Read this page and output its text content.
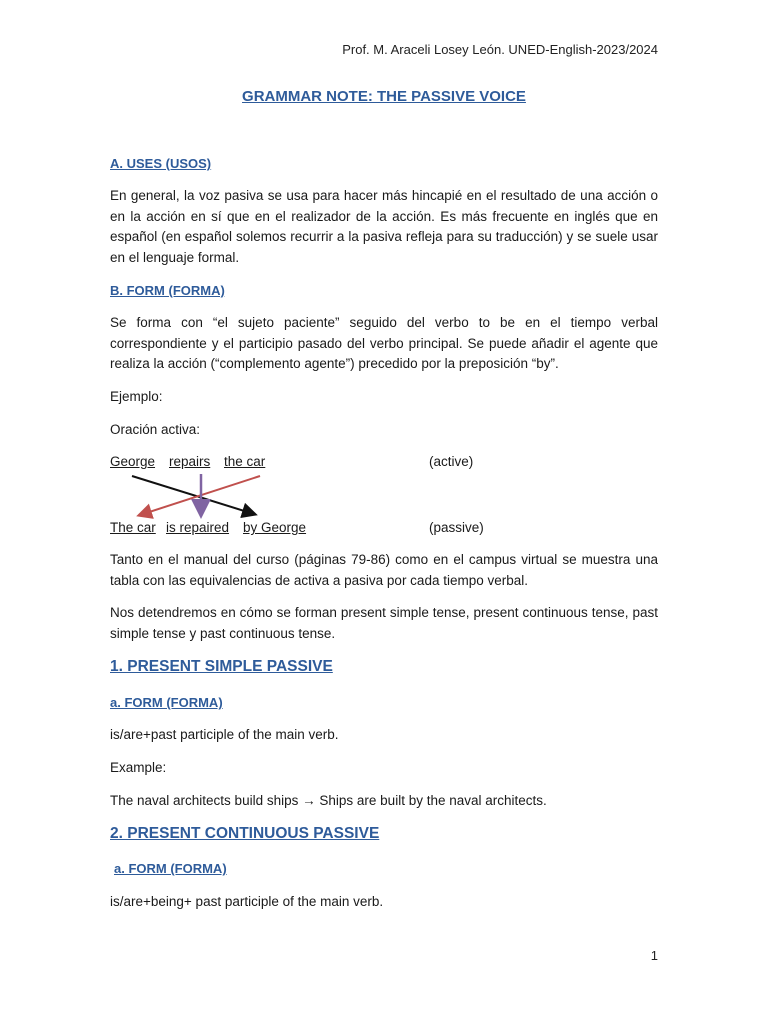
Prof. M. Araceli Losey León. UNED-English-2023/2024
GRAMMAR NOTE: THE PASSIVE VOICE
A. USES (USOS)

En general, la voz pasiva se usa para hacer más hincapié en el resultado de una acción o en la acción en sí que en el realizador de la acción. Es más frecuente en inglés que en español (en español solemos recurrir a la pasiva refleja para su traducción) y se suele usar en el lenguaje formal.

B. FORM (FORMA)

Se forma con “el sujeto paciente” seguido del verbo to be en el tiempo verbal correspondiente y el participio pasado del verbo principal. Se puede añadir el agente que realiza la acción (“complemento agente”) precedido por la preposición “by”.

Ejemplo:
Oración activa:
George repairs the car	(active)
The car is repaired by George	(passive)

Tanto en el manual del curso (páginas 79-86) como en el campus virtual se muestra una tabla con las equivalencias de activa a pasiva por cada tiempo verbal.

Nos detendremos en cómo se forman present simple tense, present continuous tense, past simple tense y past continuous tense.

1. PRESENT SIMPLE PASSIVE
a. FORM (FORMA)
is/are+past participle of the main verb.
Example:
The naval architects build ships → Ships are built by the naval architects.
2. PRESENT CONTINUOUS PASSIVE
a. FORM (FORMA)
is/are+being+ past participle of the main verb.
1
